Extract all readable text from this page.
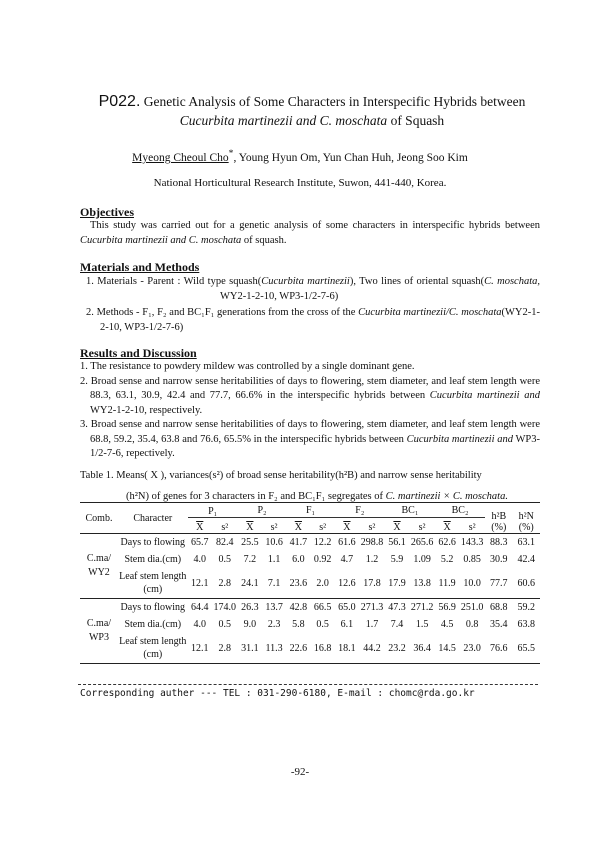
P022. Genetic Analysis of Some Characters in Interspecific Hybrids between
Cucurbita martinezii and C. moschata of Squash
Myeong Cheoul Cho*, Young Hyun Om, Yun Chan Huh, Jeong Soo Kim
National Horticultural Research Institute, Suwon, 441-440, Korea.
Objectives
This study was carried out for a genetic analysis of some characters in interspecific hybrids between Cucurbita martinezii and C. moschata of squash.
Materials and Methods
1. Materials - Parent : Wild type squash(Cucurbita martinezii), Two lines of oriental squash(C. moschata, WY2-1-2-10, WP3-1/2-7-6)
2. Methods - F₁, F₂ and BC₁F₁ generations from the cross of the Cucurbita martinezii/C. moschata(WY2-1-2-10, WP3-1/2-7-6)
Results and Discussion
1. The resistance to powdery mildew was controlled by a single dominant gene.
2. Broad sense and narrow sense heritabilities of days to flowering, stem diameter, and leaf stem length were 88.3, 63.1, 30.9, 42.4 and 77.7, 66.6% in the interspecific hybrids between Cucurbita martinezii and WY2-1-2-10, respectively.
3. Broad sense and narrow sense heritabilities of days to flowering, stem diameter, and leaf stem length were 68.8, 59.2, 35.4, 63.8 and 76.6, 65.5% in the interspecific hybrids between Cucurbita martinezii and WP3-1/2-7-6, repectively.
Table 1. Means( X ), variances(s²) of broad sense heritability(h²B) and narrow sense heritability
(h²N) of genes for 3 characters in F₂ and BC₁F₁ segregates of C. martinezii × C. moschata.
Comb.	Character	P₁		P₂		F₁		F₂		BC₁		BC₂		h²B	h²N

		$\overline{X}$	s²	$\overline{X}$	s²	$\overline{X}$	s²	$\overline{X}$	s²	$\overline{X}$	s²	$\overline{X}$	s²	(%)	(%)
C.ma/ WY2	Days to flowing	65.7	82.4	25.5	10.6	41.7	12.2	61.6	298.8	56.1	265.6	62.6	143.3	88.3	63.1
	Stem dia.(cm)	4.0	0.5	7.2	1.1	6.0	0.92	4.7	1.2	5.9	1.09	5.2	0.85	30.9	42.4
	Leaf stem length (cm)	12.1	2.8	24.1	7.1	23.6	2.0	12.6	17.8	17.9	13.8	11.9	10.0	77.7	60.6
C.ma/ WP3	Days to flowing	64.4	174.0	26.3	13.7	42.8	66.5	65.0	271.3	47.3	271.2	56.9	251.0	68.8	59.2
	Stem dia.(cm)	4.0	0.5	9.0	2.3	5.8	0.5	6.1	1.7	7.4	1.5	4.5	0.8	35.4	63.8
	Leaf stem length (cm)	12.1	2.8	31.1	11.3	22.6	16.8	18.1	44.2	23.2	36.4	14.5	23.0	76.6	65.5
Corresponding auther --- TEL : 031-290-6180, E-mail : chomc@rda.go.kr
-92-
